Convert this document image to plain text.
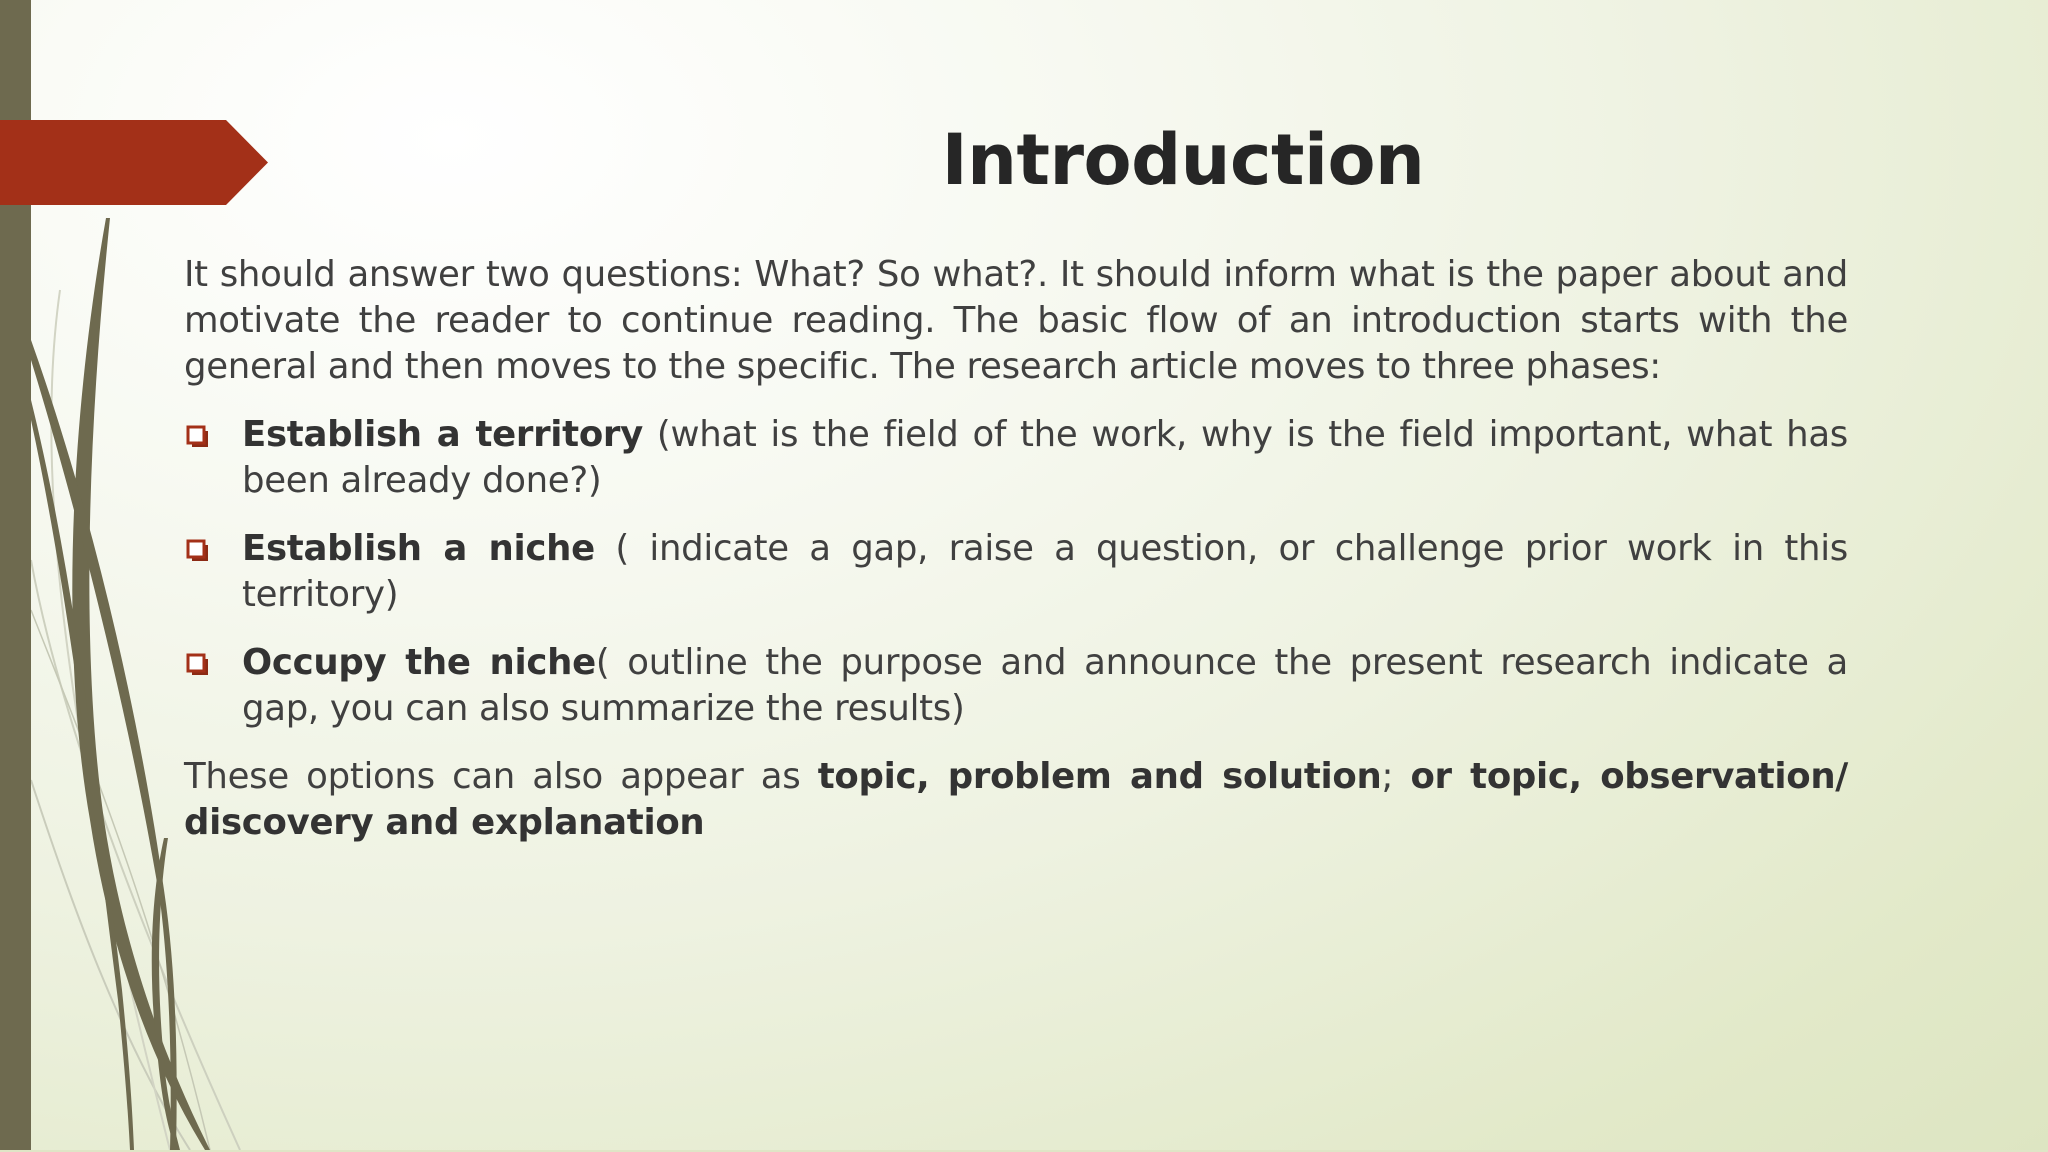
Introduction

It should answer two questions: What? So what?. It should inform what is the paper about and motivate the reader to continue reading. The basic flow of an introduction starts with the general and then moves to the specific. The research article moves to three phases:

Establish a territory (what is the field of the work, why is the field important, what has been already done?)
Establish a niche ( indicate a gap, raise a question, or challenge prior work in this territory)
Occupy the niche( outline the purpose and announce the present research indicate a gap, you can also summarize the results)

These options can also appear as topic, problem and solution; or topic, observation/ discovery and explanation
